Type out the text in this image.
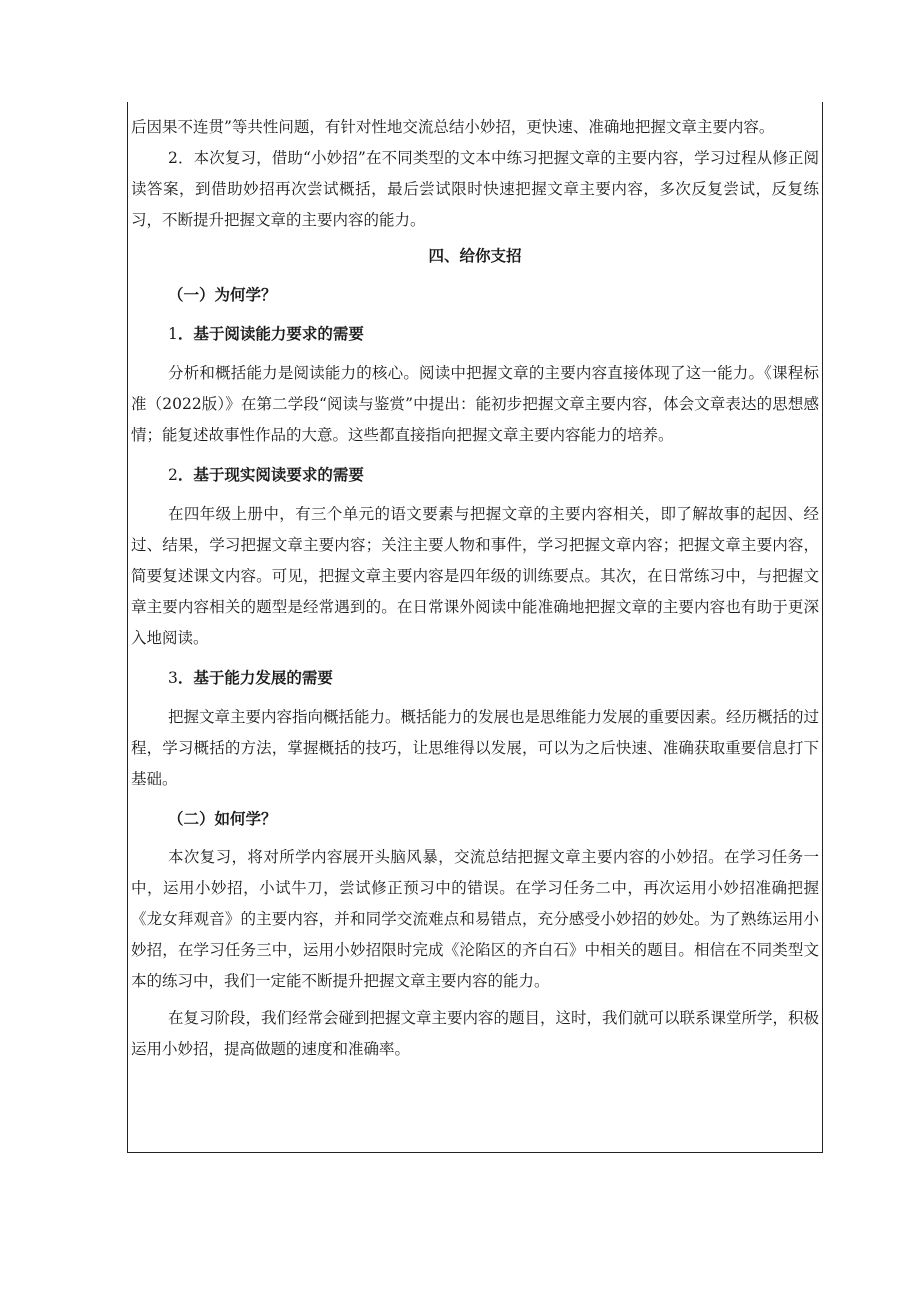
后因果不连贯”等共性问题，有针对性地交流总结小妙招，更快速、准确地把握文章主要内容。

2．本次复习，借助“小妙招”在不同类型的文本中练习把握文章的主要内容，学习过程从修正阅读答案，到借助妙招再次尝试概括，最后尝试限时快速把握文章主要内容，多次反复尝试，反复练习，不断提升把握文章的主要内容的能力。

四、给你支招

（一）为何学？

1．基于阅读能力要求的需要

分析和概括能力是阅读能力的核心。阅读中把握文章的主要内容直接体现了这一能力。《课程标准（2022版）》在第二学段“阅读与鉴赏”中提出：能初步把握文章主要内容，体会文章表达的思想感情；能复述故事性作品的大意。这些都直接指向把握文章主要内容能力的培养。

2．基于现实阅读要求的需要

在四年级上册中，有三个单元的语文要素与把握文章的主要内容相关，即了解故事的起因、经过、结果，学习把握文章主要内容；关注主要人物和事件，学习把握文章内容；把握文章主要内容，简要复述课文内容。可见，把握文章主要内容是四年级的训练要点。其次，在日常练习中，与把握文章主要内容相关的题型是经常遇到的。在日常课外阅读中能准确地把握文章的主要内容也有助于更深入地阅读。

3．基于能力发展的需要

把握文章主要内容指向概括能力。概括能力的发展也是思维能力发展的重要因素。经历概括的过程，学习概括的方法，掌握概括的技巧，让思维得以发展，可以为之后快速、准确获取重要信息打下基础。

（二）如何学？

本次复习，将对所学内容展开头脑风暴，交流总结把握文章主要内容的小妙招。在学习任务一中，运用小妙招，小试牛刀，尝试修正预习中的错误。在学习任务二中，再次运用小妙招准确把握《龙女拜观音》的主要内容，并和同学交流难点和易错点，充分感受小妙招的妙处。为了熟练运用小妙招，在学习任务三中，运用小妙招限时完成《沦陷区的齐白石》中相关的题目。相信在不同类型文本的练习中，我们一定能不断提升把握文章主要内容的能力。

在复习阶段，我们经常会碰到把握文章主要内容的题目，这时，我们就可以联系课堂所学，积极运用小妙招，提高做题的速度和准确率。
